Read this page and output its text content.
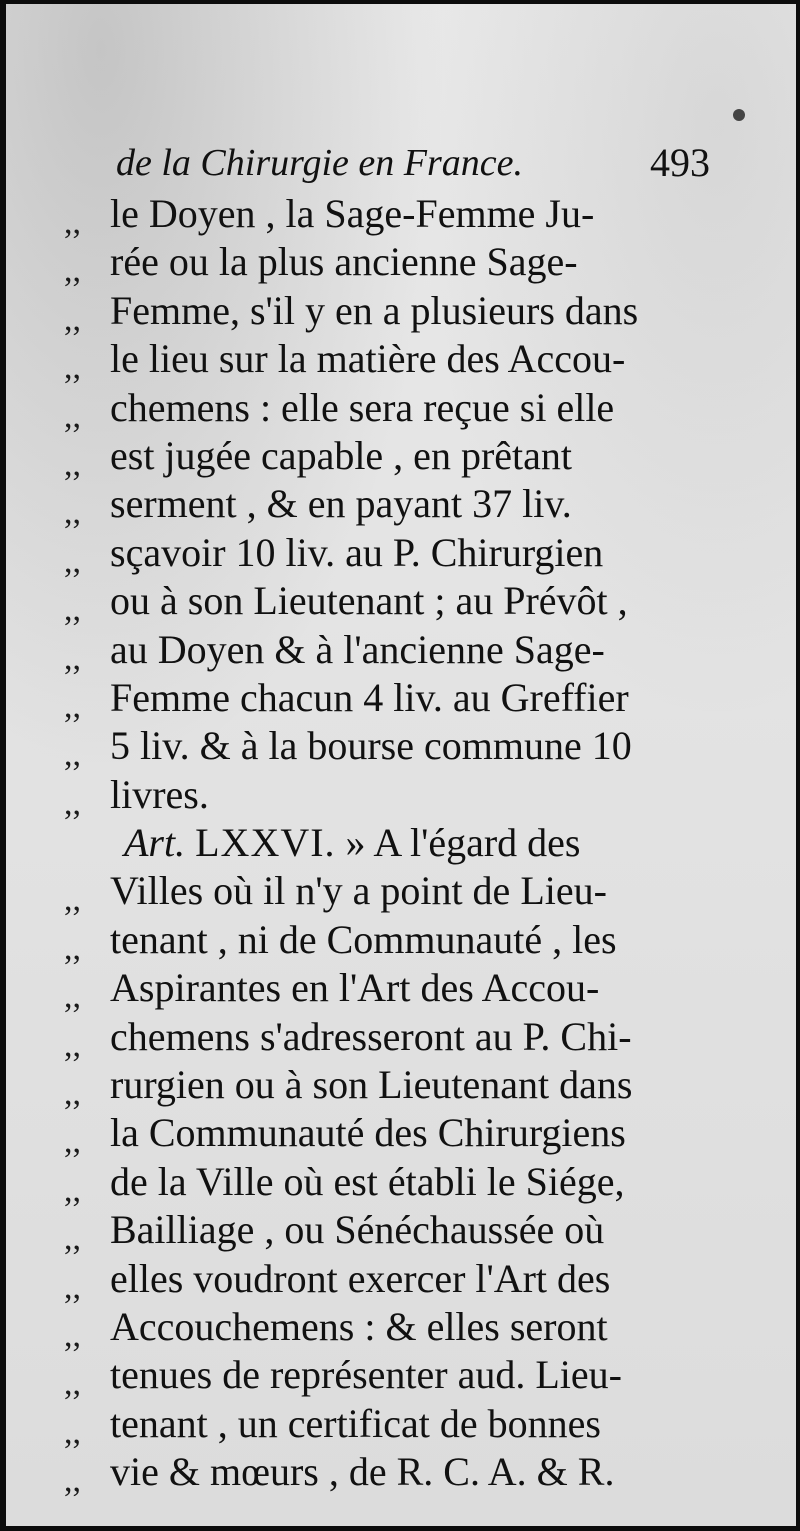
de la Chirurgie en France.	493
,, le Doyen , la Sage-Femme Ju-
,, rée ou la plus ancienne Sage-
,, Femme, s'il y en a plusieurs dans
,, le lieu sur la matière des Accou-
,, chemens : elle sera reçue si elle
,, est jugée capable , en prêtant
,, serment , & en payant 37 liv.
,, sçavoir 10 liv. au P. Chirurgien
,, ou à son Lieutenant ; au Prévôt ,
,, au Doyen & à l'ancienne Sage-
,, Femme chacun 4 liv. au Greffier
,, 5 liv. & à la bourse commune 10
,, livres.
Art. LXXVI. » A l'égard des
,, Villes où il n'y a point de Lieu-
,, tenant , ni de Communauté , les
,, Aspirantes en l'Art des Accou-
,, chemens s'adresseront au P. Chi-
,, rurgien ou à son Lieutenant dans
,, la Communauté des Chirurgiens
,, de la Ville où est établi le Siége,
,, Bailliage , ou Sénéchaussée où
,, elles voudront exercer l'Art des
,, Accouchemens : & elles seront
,, tenues de représenter aud. Lieu-
,, tenant , un certificat de bonnes
,, vie & mœurs , de R. C. A. & R.
